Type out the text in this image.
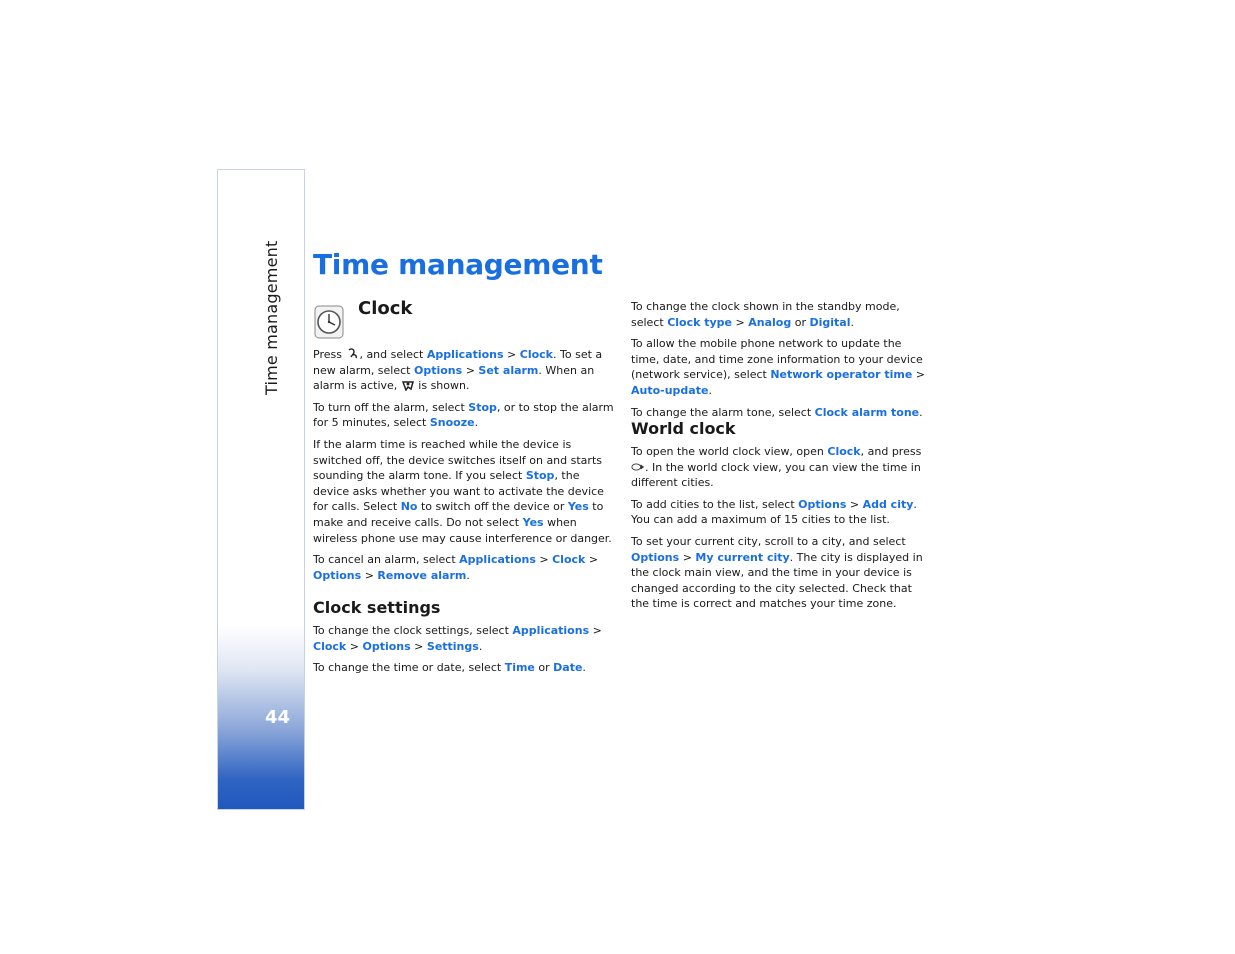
Time management
44
Time management
Clock

Press , and select Applications > Clock. To set a new alarm, select Options > Set alarm. When an alarm is active,  is shown.

To turn off the alarm, select Stop, or to stop the alarm for 5 minutes, select Snooze.

If the alarm time is reached while the device is switched off, the device switches itself on and starts sounding the alarm tone. If you select Stop, the device asks whether you want to activate the device for calls. Select No to switch off the device or Yes to make and receive calls. Do not select Yes when wireless phone use may cause interference or danger.

To cancel an alarm, select Applications > Clock > Options > Remove alarm.

Clock settings

To change the clock settings, select Applications > Clock > Options > Settings.

To change the time or date, select Time or Date.

To change the clock shown in the standby mode, select Clock type > Analog or Digital.

To allow the mobile phone network to update the time, date, and time zone information to your device (network service), select Network operator time > Auto-update.

To change the alarm tone, select Clock alarm tone.

World clock

To open the world clock view, open Clock, and press . In the world clock view, you can view the time in different cities.

To add cities to the list, select Options > Add city. You can add a maximum of 15 cities to the list.

To set your current city, scroll to a city, and select Options > My current city. The city is displayed in the clock main view, and the time in your device is changed according to the city selected. Check that the time is correct and matches your time zone.
